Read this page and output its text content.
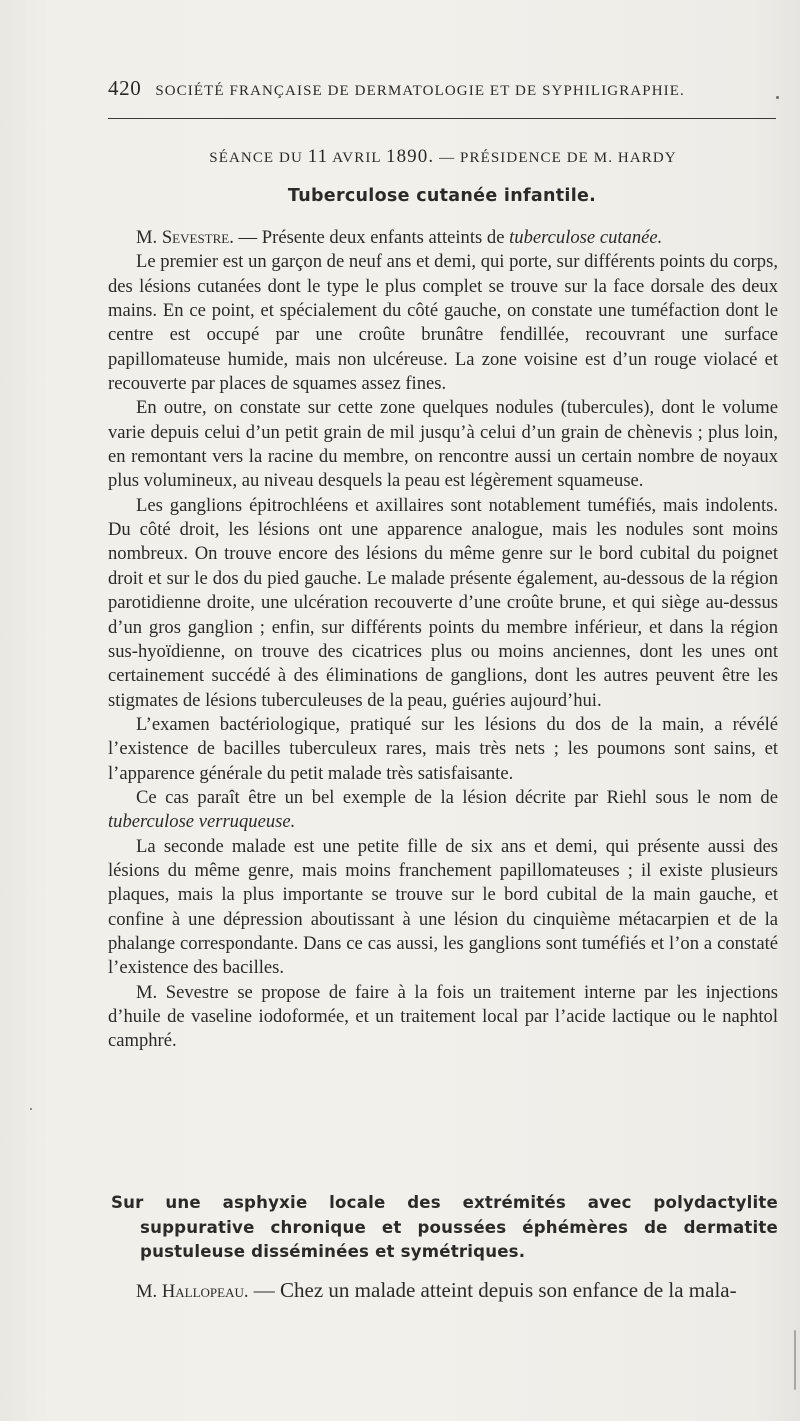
420 SOCIÉTÉ FRANÇAISE DE DERMATOLOGIE ET DE SYPHILIGRAPHIE.
SÉANCE DU 11 AVRIL 1890. — PRÉSIDENCE DE M. HARDY
Tuberculose cutanée infantile.

M. Sevestre. — Présente deux enfants atteints de tuberculose cutanée.

Le premier est un garçon de neuf ans et demi, qui porte, sur différents points du corps, des lésions cutanées dont le type le plus complet se trouve sur la face dorsale des deux mains. En ce point, et spécialement du côté gauche, on constate une tuméfaction dont le centre est occupé par une croûte brunâtre fendillée, recouvrant une surface papillomateuse humide, mais non ulcéreuse. La zone voisine est d’un rouge violacé et recouverte par places de squames assez fines.

En outre, on constate sur cette zone quelques nodules (tubercules), dont le volume varie depuis celui d’un petit grain de mil jusqu’à celui d’un grain de chènevis ; plus loin, en remontant vers la racine du membre, on rencontre aussi un certain nombre de noyaux plus volumineux, au niveau desquels la peau est légèrement squameuse.

Les ganglions épitrochléens et axillaires sont notablement tuméfiés, mais indolents. Du côté droit, les lésions ont une apparence analogue, mais les nodules sont moins nombreux. On trouve encore des lésions du même genre sur le bord cubital du poignet droit et sur le dos du pied gauche. Le malade présente également, au-dessous de la région parotidienne droite, une ulcération recouverte d’une croûte brune, et qui siège au-dessus d’un gros ganglion ; enfin, sur différents points du membre inférieur, et dans la région sus-hyoïdienne, on trouve des cicatrices plus ou moins anciennes, dont les unes ont certainement succédé à des éliminations de ganglions, dont les autres peuvent être les stigmates de lésions tuberculeuses de la peau, guéries aujourd’hui.

L’examen bactériologique, pratiqué sur les lésions du dos de la main, a révélé l’existence de bacilles tuberculeux rares, mais très nets ; les poumons sont sains, et l’apparence générale du petit malade très satisfaisante.

Ce cas paraît être un bel exemple de la lésion décrite par Riehl sous le nom de tuberculose verruqueuse.

La seconde malade est une petite fille de six ans et demi, qui présente aussi des lésions du même genre, mais moins franchement papillomateuses ; il existe plusieurs plaques, mais la plus importante se trouve sur le bord cubital de la main gauche, et confine à une dépression aboutissant à une lésion du cinquième métacarpien et de la phalange correspondante. Dans ce cas aussi, les ganglions sont tuméfiés et l’on a constaté l’existence des bacilles.

M. Sevestre se propose de faire à la fois un traitement interne par les injections d’huile de vaseline iodoformée, et un traitement local par l’acide lactique ou le naphtol camphré.

Sur une asphyxie locale des extrémités avec polydactylite
suppurative chronique et poussées éphémères de dermatite
pustuleuse disséminées et symétriques.
M. Hallopeau. — Chez un malade atteint depuis son enfance de la mala-
